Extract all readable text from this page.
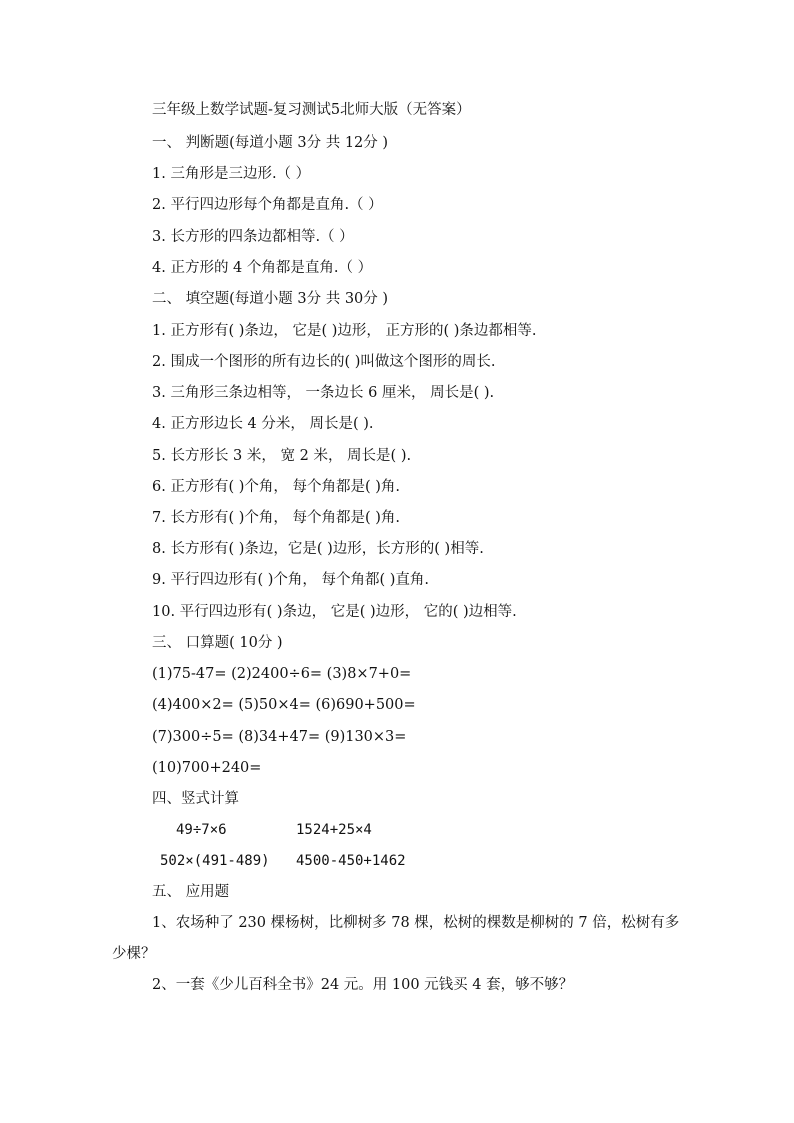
三年级上数学试题-复习测试5北师大版（无答案）
一、 判断题(每道小题 3分 共 12分 )
1. 三角形是三边形.（ ）
2. 平行四边形每个角都是直角.（ ）
3. 长方形的四条边都相等.（ ）
4. 正方形的 4 个角都是直角.（ ）
二、 填空题(每道小题 3分 共 30分 )
1. 正方形有( )条边， 它是( )边形， 正方形的( )条边都相等.
2. 围成一个图形的所有边长的( )叫做这个图形的周长.
3. 三角形三条边相等， 一条边长 6 厘米， 周长是( ).
4. 正方形边长 4 分米， 周长是( ).
5. 长方形长 3 米， 宽 2 米， 周长是( ).
6. 正方形有( )个角， 每个角都是( )角.
7. 长方形有( )个角， 每个角都是( )角.
8. 长方形有( )条边，它是( )边形，长方形的( )相等.
9. 平行四边形有( )个角， 每个角都( )直角.
10. 平行四边形有( )条边， 它是( )边形， 它的( )边相等.
三、 口算题( 10分 )
(1)75-47= (2)2400÷6= (3)8×7+0=
(4)400×2= (5)50×4= (6)690+500=
(7)300÷5= (8)34+47= (9)130×3=
(10)700+240=
四、竖式计算
49÷7×6	1524+25×4
502×(491-489) 4500-450+1462
五、 应用题
1、农场种了 230 棵杨树，比柳树多 78 棵，松树的棵数是柳树的 7 倍，松树有多少棵？
2、一套《少儿百科全书》24 元。用 100 元钱买 4 套，够不够？
